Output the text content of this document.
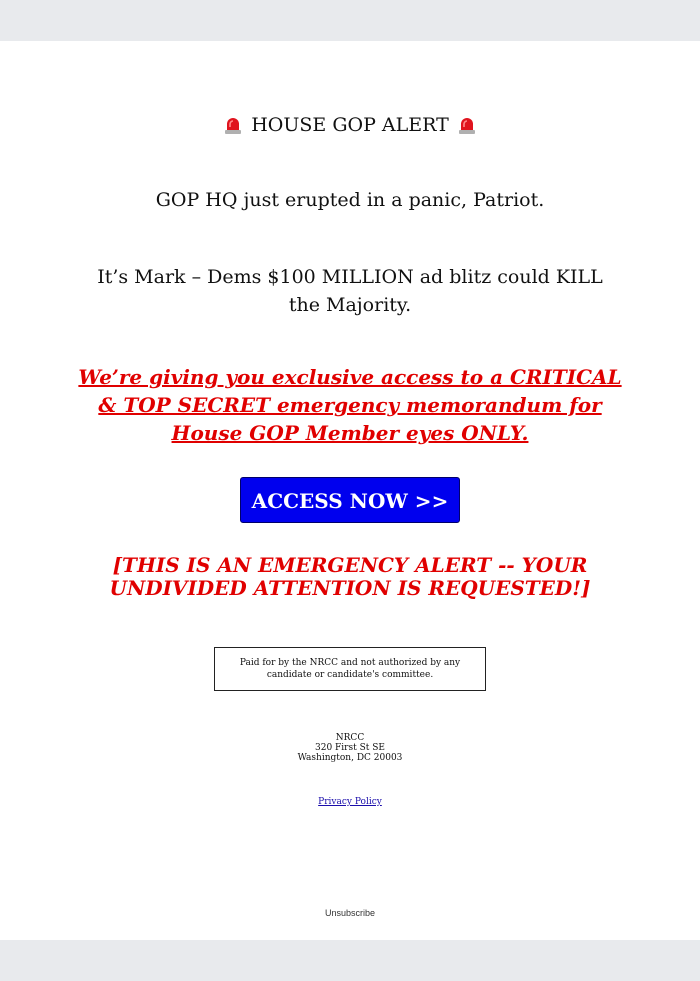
HOUSE GOP ALERT
GOP HQ just erupted in a panic, Patriot.
It’s Mark – Dems $100 MILLION ad blitz could KILL the Majority.
We’re giving you exclusive access to a CRITICAL & TOP SECRET emergency memorandum for House GOP Member eyes ONLY.
ACCESS NOW >>
[THIS IS AN EMERGENCY ALERT -- YOUR UNDIVIDED ATTENTION IS REQUESTED!]
Paid for by the NRCC and not authorized by any candidate or candidate's committee.
NRCC
320 First St SE
Washington, DC 20003
Privacy Policy
Unsubscribe
